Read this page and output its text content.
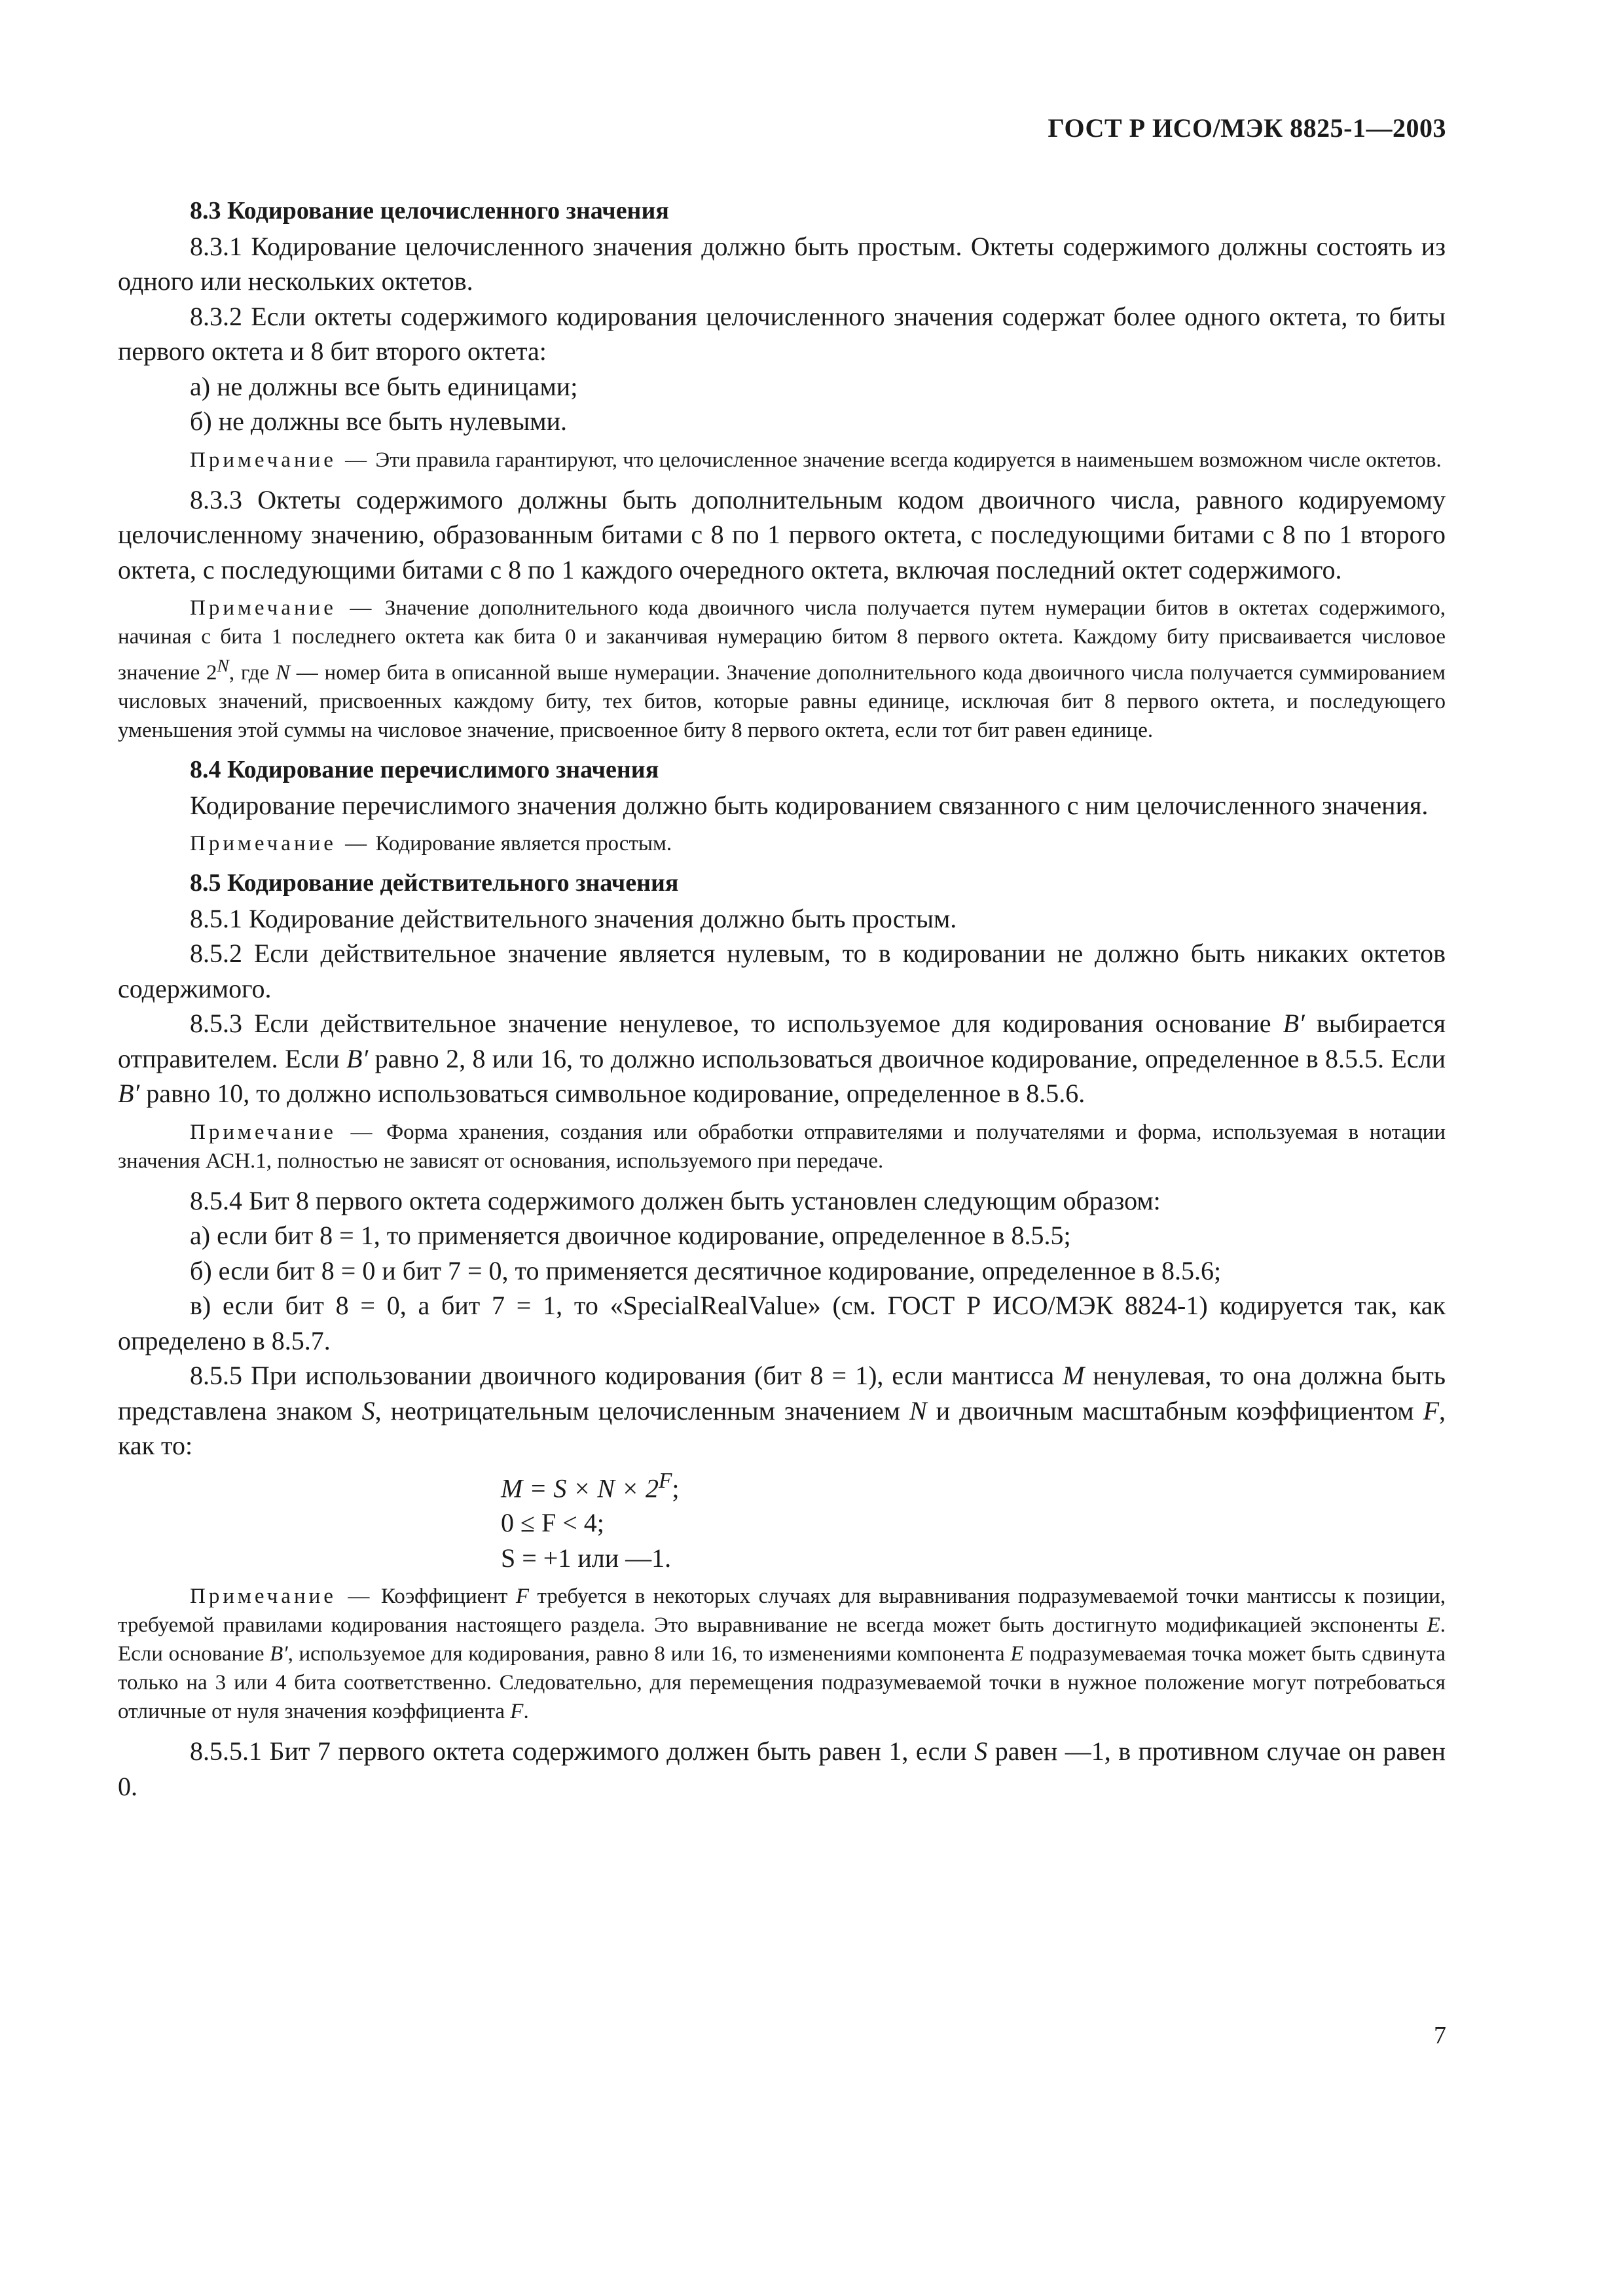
ГОСТ Р ИСО/МЭК 8825-1—2003

8.3 Кодирование целочисленного значения

8.3.1 Кодирование целочисленного значения должно быть простым. Октеты содержимого должны состоять из одного или нескольких октетов.

8.3.2 Если октеты содержимого кодирования целочисленного значения содержат более одного октета, то биты первого октета и 8 бит второго октета:

а) не должны все быть единицами;

б) не должны все быть нулевыми.

Примечание — Эти правила гарантируют, что целочисленное значение всегда кодируется в наименьшем возможном числе октетов.

8.3.3 Октеты содержимого должны быть дополнительным кодом двоичного числа, равного кодируемому целочисленному значению, образованным битами с 8 по 1 первого октета, с последующими битами с 8 по 1 второго октета, с последующими битами с 8 по 1 каждого очередного октета, включая последний октет содержимого.

Примечание — Значение дополнительного кода двоичного числа получается путем нумерации битов в октетах содержимого, начиная с бита 1 последнего октета как бита 0 и заканчивая нумерацию битом 8 первого октета. Каждому биту присваивается числовое значение $2^N$, где N — номер бита в описанной выше нумерации. Значение дополнительного кода двоичного числа получается суммированием числовых значений, присвоенных каждому биту, тех битов, которые равны единице, исключая бит 8 первого октета, и последующего уменьшения этой суммы на числовое значение, присвоенное биту 8 первого октета, если тот бит равен единице.

8.4 Кодирование перечислимого значения

Кодирование перечислимого значения должно быть кодированием связанного с ним целочисленного значения.

Примечание — Кодирование является простым.

8.5 Кодирование действительного значения

8.5.1 Кодирование действительного значения должно быть простым.

8.5.2 Если действительное значение является нулевым, то в кодировании не должно быть никаких октетов содержимого.

8.5.3 Если действительное значение ненулевое, то используемое для кодирования основание B′ выбирается отправителем. Если B′ равно 2, 8 или 16, то должно использоваться двоичное кодирование, определенное в 8.5.5. Если B′ равно 10, то должно использоваться символьное кодирование, определенное в 8.5.6.

Примечание — Форма хранения, создания или обработки отправителями и получателями и форма, используемая в нотации значения АСН.1, полностью не зависят от основания, используемого при передаче.

8.5.4 Бит 8 первого октета содержимого должен быть установлен следующим образом:

а) если бит 8 = 1, то применяется двоичное кодирование, определенное в 8.5.5;

б) если бит 8 = 0 и бит 7 = 0, то применяется десятичное кодирование, определенное в 8.5.6;

в) если бит 8 = 0, а бит 7 = 1, то «SpecialRealValue» (см. ГОСТ Р ИСО/МЭК 8824-1) кодируется так, как определено в 8.5.7.

8.5.5 При использовании двоичного кодирования (бит 8 = 1), если мантисса M ненулевая, то она должна быть представлена знаком S, неотрицательным целочисленным значением N и двоичным масштабным коэффициентом F, как то:

$M = S \times N \times 2^F$;

0 ≤ F < 4;

S = +1 или —1.

Примечание — Коэффициент F требуется в некоторых случаях для выравнивания подразумеваемой точки мантиссы к позиции, требуемой правилами кодирования настоящего раздела. Это выравнивание не всегда может быть достигнуто модификацией экспоненты E. Если основание B′, используемое для кодирования, равно 8 или 16, то изменениями компонента E подразумеваемая точка может быть сдвинута только на 3 или 4 бита соответственно. Следовательно, для перемещения подразумеваемой точки в нужное положение могут потребоваться отличные от нуля значения коэффициента F.

8.5.5.1 Бит 7 первого октета содержимого должен быть равен 1, если S равен —1, в противном случае он равен 0.

7
